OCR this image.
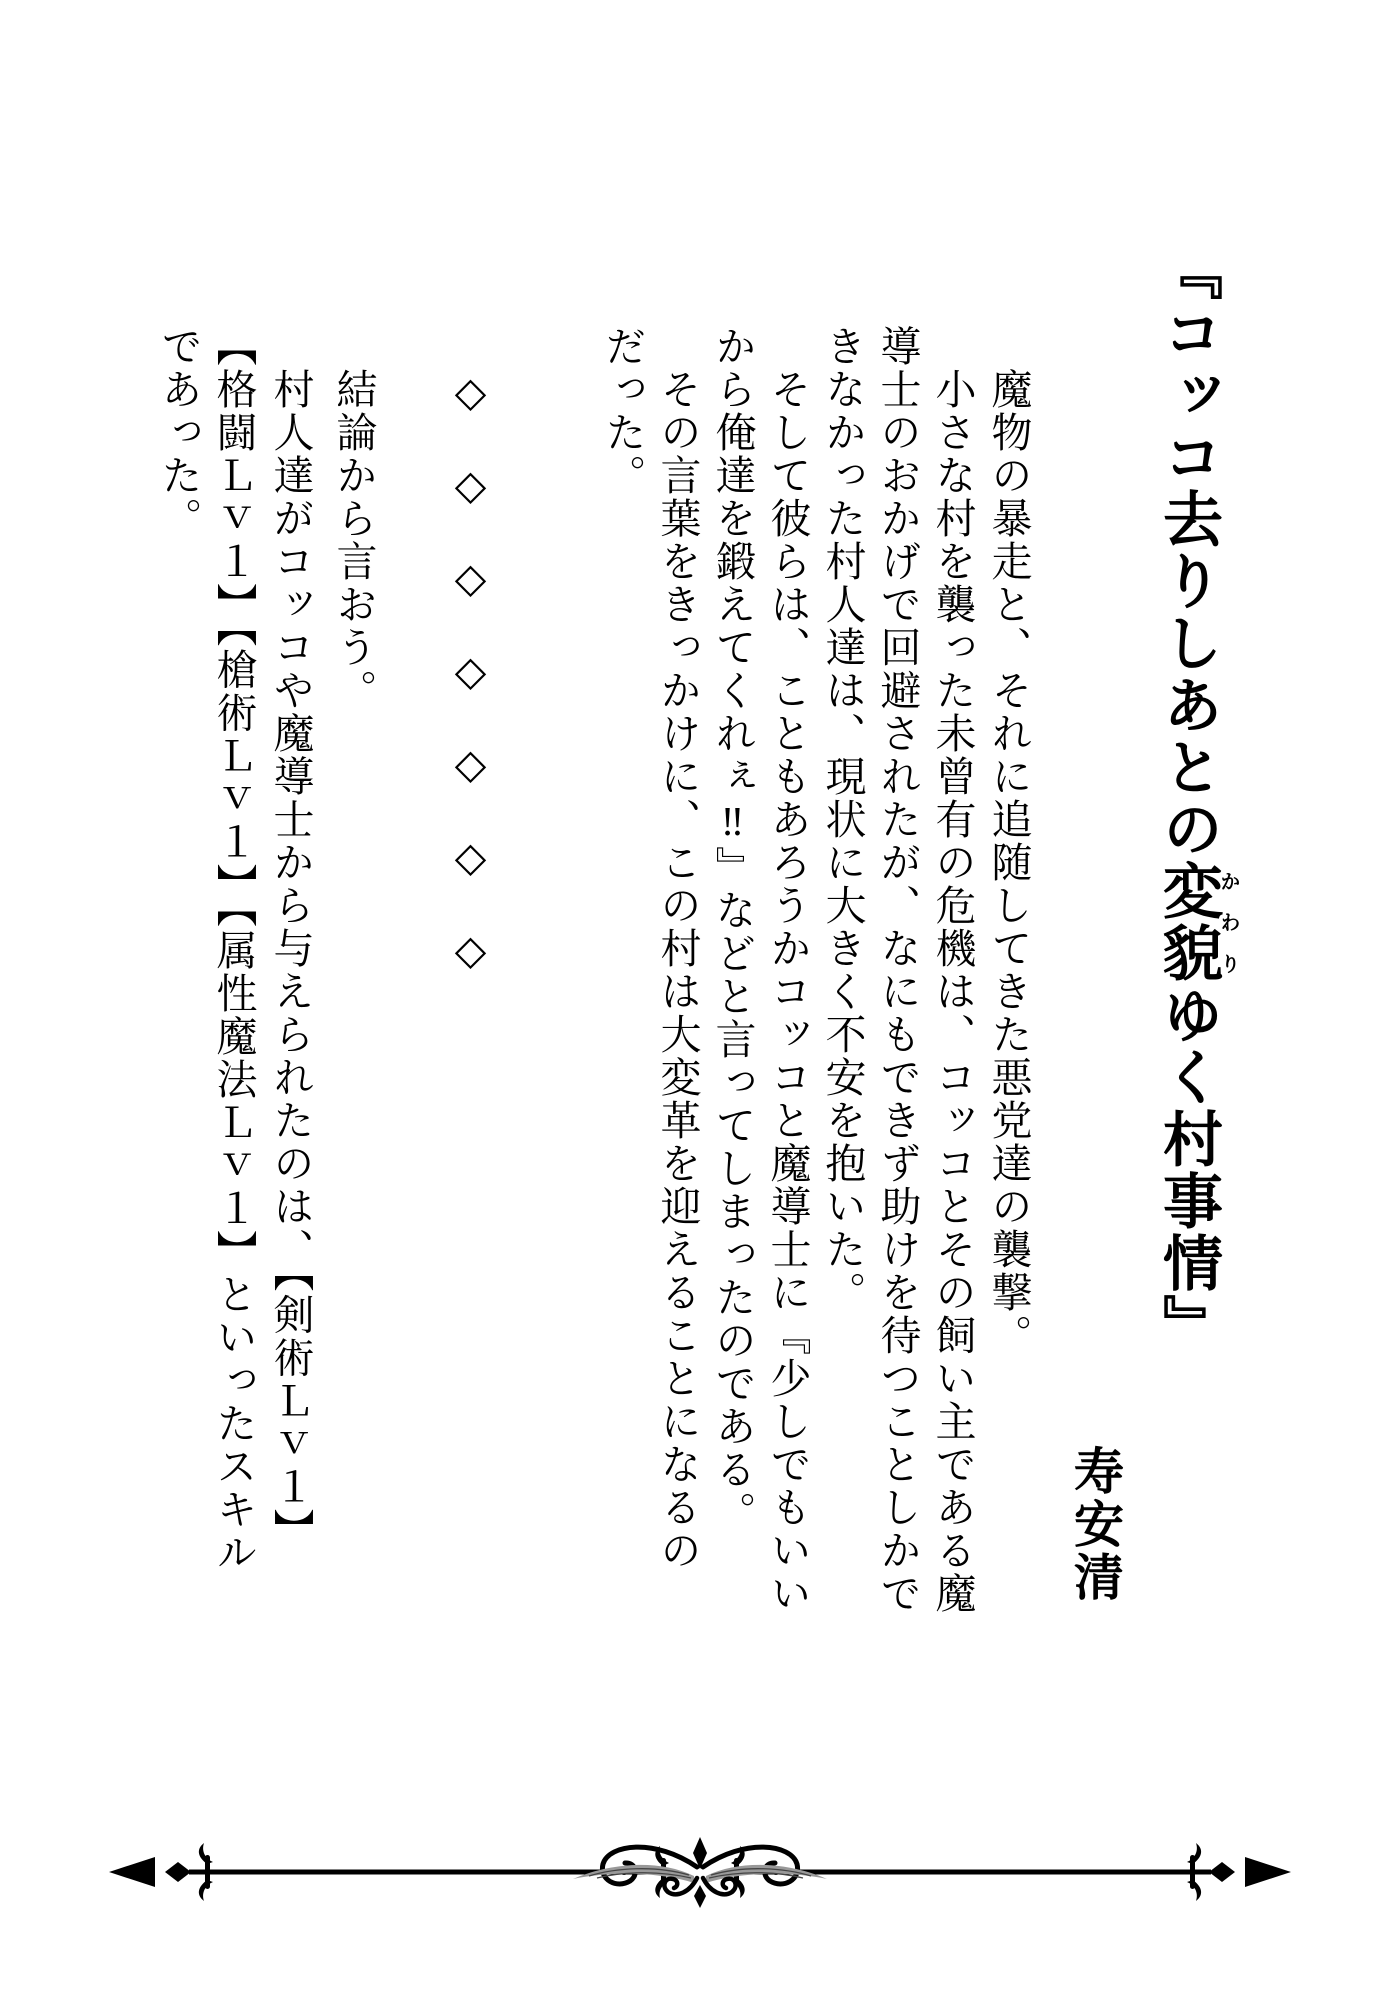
『コッコ去りしあとの変貌かわりゆく村事情』
寿安清
　魔物の暴走と、それに追随してきた悪党達の襲撃。
　小さな村を襲った未曾有の危機は、コッコとその飼い主である魔
導士のおかげで回避されたが、なにもできず助けを待つことしかで
きなかった村人達は、現状に大きく不安を抱いた。
　そして彼らは、こともあろうかコッコと魔導士に『少しでもいい
から俺達を鍛えてくれぇ‼』などと言ってしまったのである。
　その言葉をきっかけに、この村は大変革を迎えることになるの
だった。
　◇　◇　◇　◇　◇　◇　◇
　結論から言おう。
　村人達がコッコや魔導士から与えられたのは、【剣術Ｌｖ１】
【格闘Ｌｖ１】【槍術Ｌｖ１】【属性魔法Ｌｖ１】といったスキル
であった。
